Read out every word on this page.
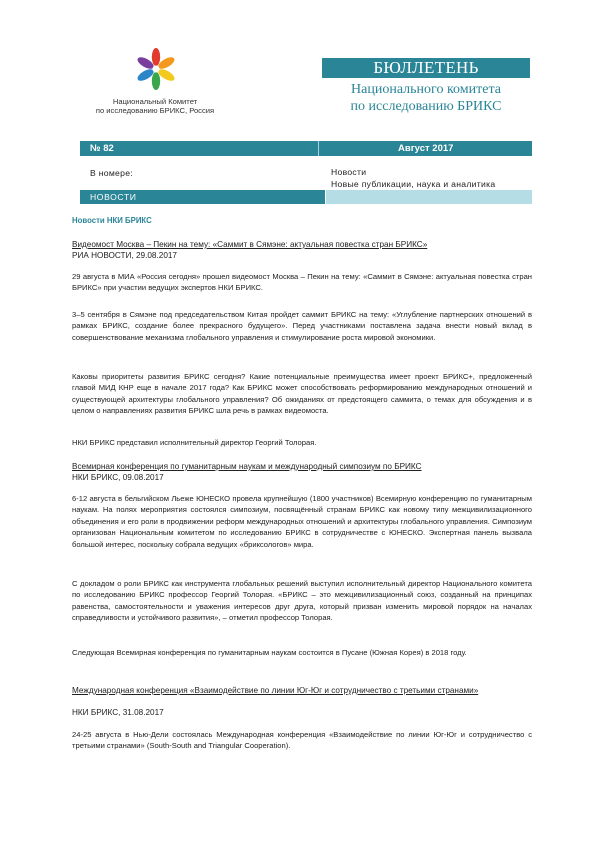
Национальный Комитет
по исследованию БРИКС, Россия
БЮЛЛЕТЕНЬ
Национального комитета
по исследованию БРИКС
№ 82	Август 2017
В номере:	Новости
Новые публикации, наука и аналитика
НОВОСТИ
Новости НКИ БРИКС
Видеомост Москва – Пекин на тему: «Саммит в Сямэне: актуальная повестка стран БРИКС»
РИА НОВОСТИ, 29.08.2017

29 августа в МИА «Россия сегодня» прошел видеомост Москва – Пекин на тему: «Саммит в Сямэне: актуальная повестка стран БРИКС» при участии ведущих экспертов НКИ БРИКС.

3–5 сентября в Сямэне под председательством Китая пройдет саммит БРИКС на тему: «Углубление партнерских отношений в рамках БРИКС, создание более прекрасного будущего». Перед участниками поставлена задача внести новый вклад в совершенствование механизма глобального управления и стимулирование роста мировой экономики.

Каковы приоритеты развития БРИКС сегодня? Какие потенциальные преимущества имеет проект БРИКС+, предложенный главой МИД КНР еще в начале 2017 года? Как БРИКС может способствовать реформированию международных отношений и существующей архитектуры глобального управления? Об ожиданиях от предстоящего саммита, о темах для обсуждения и в целом о направлениях развития БРИКС шла речь в рамках видеомоста.

НКИ БРИКС представил исполнительный директор Георгий Толорая.

Всемирная конференция по гуманитарным наукам и международный симпозиум по БРИКС
НКИ БРИКС, 09.08.2017

6-12 августа в бельгийском Льеже ЮНЕСКО провела крупнейшую (1800 участников) Всемирную конференцию по гуманитарным наукам. На полях мероприятия состоялся симпозиум, посвящённый странам БРИКС как новому типу межцивилизационного объединения и его роли в продвижении реформ международных отношений и архитектуры глобального управления. Симпозиум организован Национальным комитетом по исследованию БРИКС в сотрудничестве с ЮНЕСКО. Экспертная панель вызвала большой интерес, поскольку собрала ведущих «брикcологов» мира.

С докладом о роли БРИКС как инструмента глобальных решений выступил исполнительный директор Национального комитета по исследованию БРИКС профессор Георгий Толорая. «БРИКС – это межцивилизационный союз, созданный на принципах равенства, самостоятельности и уважения интересов друг друга, который призван изменить мировой порядок на началах справедливости и устойчивого развития», – отметил профессор Толорая.

Следующая Всемирная конференция по гуманитарным наукам состоится в Пусане (Южная Корея) в 2018 году.

Международная конференция «Взаимодействие по линии Юг-Юг и сотрудничество с третьими странами»
НКИ БРИКС, 31.08.2017

24-25 августа в Нью-Дели состоялась Международная конференция «Взаимодействие по линии Юг-Юг и сотрудничество с третьими странами» (South-South and Triangular Cooperation).
